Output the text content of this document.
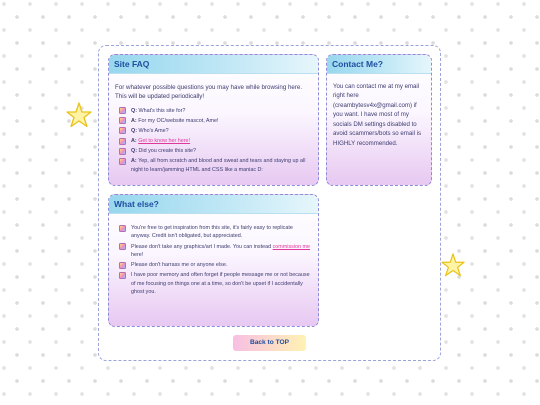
Site FAQ
For whatever possible questions you may have while browsing here. This will be updated periodically!
Q: What's this site for?
A: For my OC/website mascot, Ame!
Q: Who's Ame?
A: Get to know her here!
Q: Did you create this site?
A: Yep, all from scratch and blood and sweat and tears and staying up all night to learn/jamming HTML and CSS like a maniac D:
Contact Me?
You can contact me at my email right here (creambytesv4x@gmail.com) if you want. I have most of my socials DM settings disabled to avoid scammers/bots so email is HIGHLY recommended.
What else?
You're free to get inspiration from this site, it's fairly easy to replicate anyway. Credit isn't obligated, but appreciated.
Please don't take any graphics/art I made. You can instead commission me here!
Please don't harrass me or anyone else.
I have poor memory and often forget if people message me or not because of me focusing on things one at a time, so don't be upset if I accidentally ghost you.
Back to TOP
